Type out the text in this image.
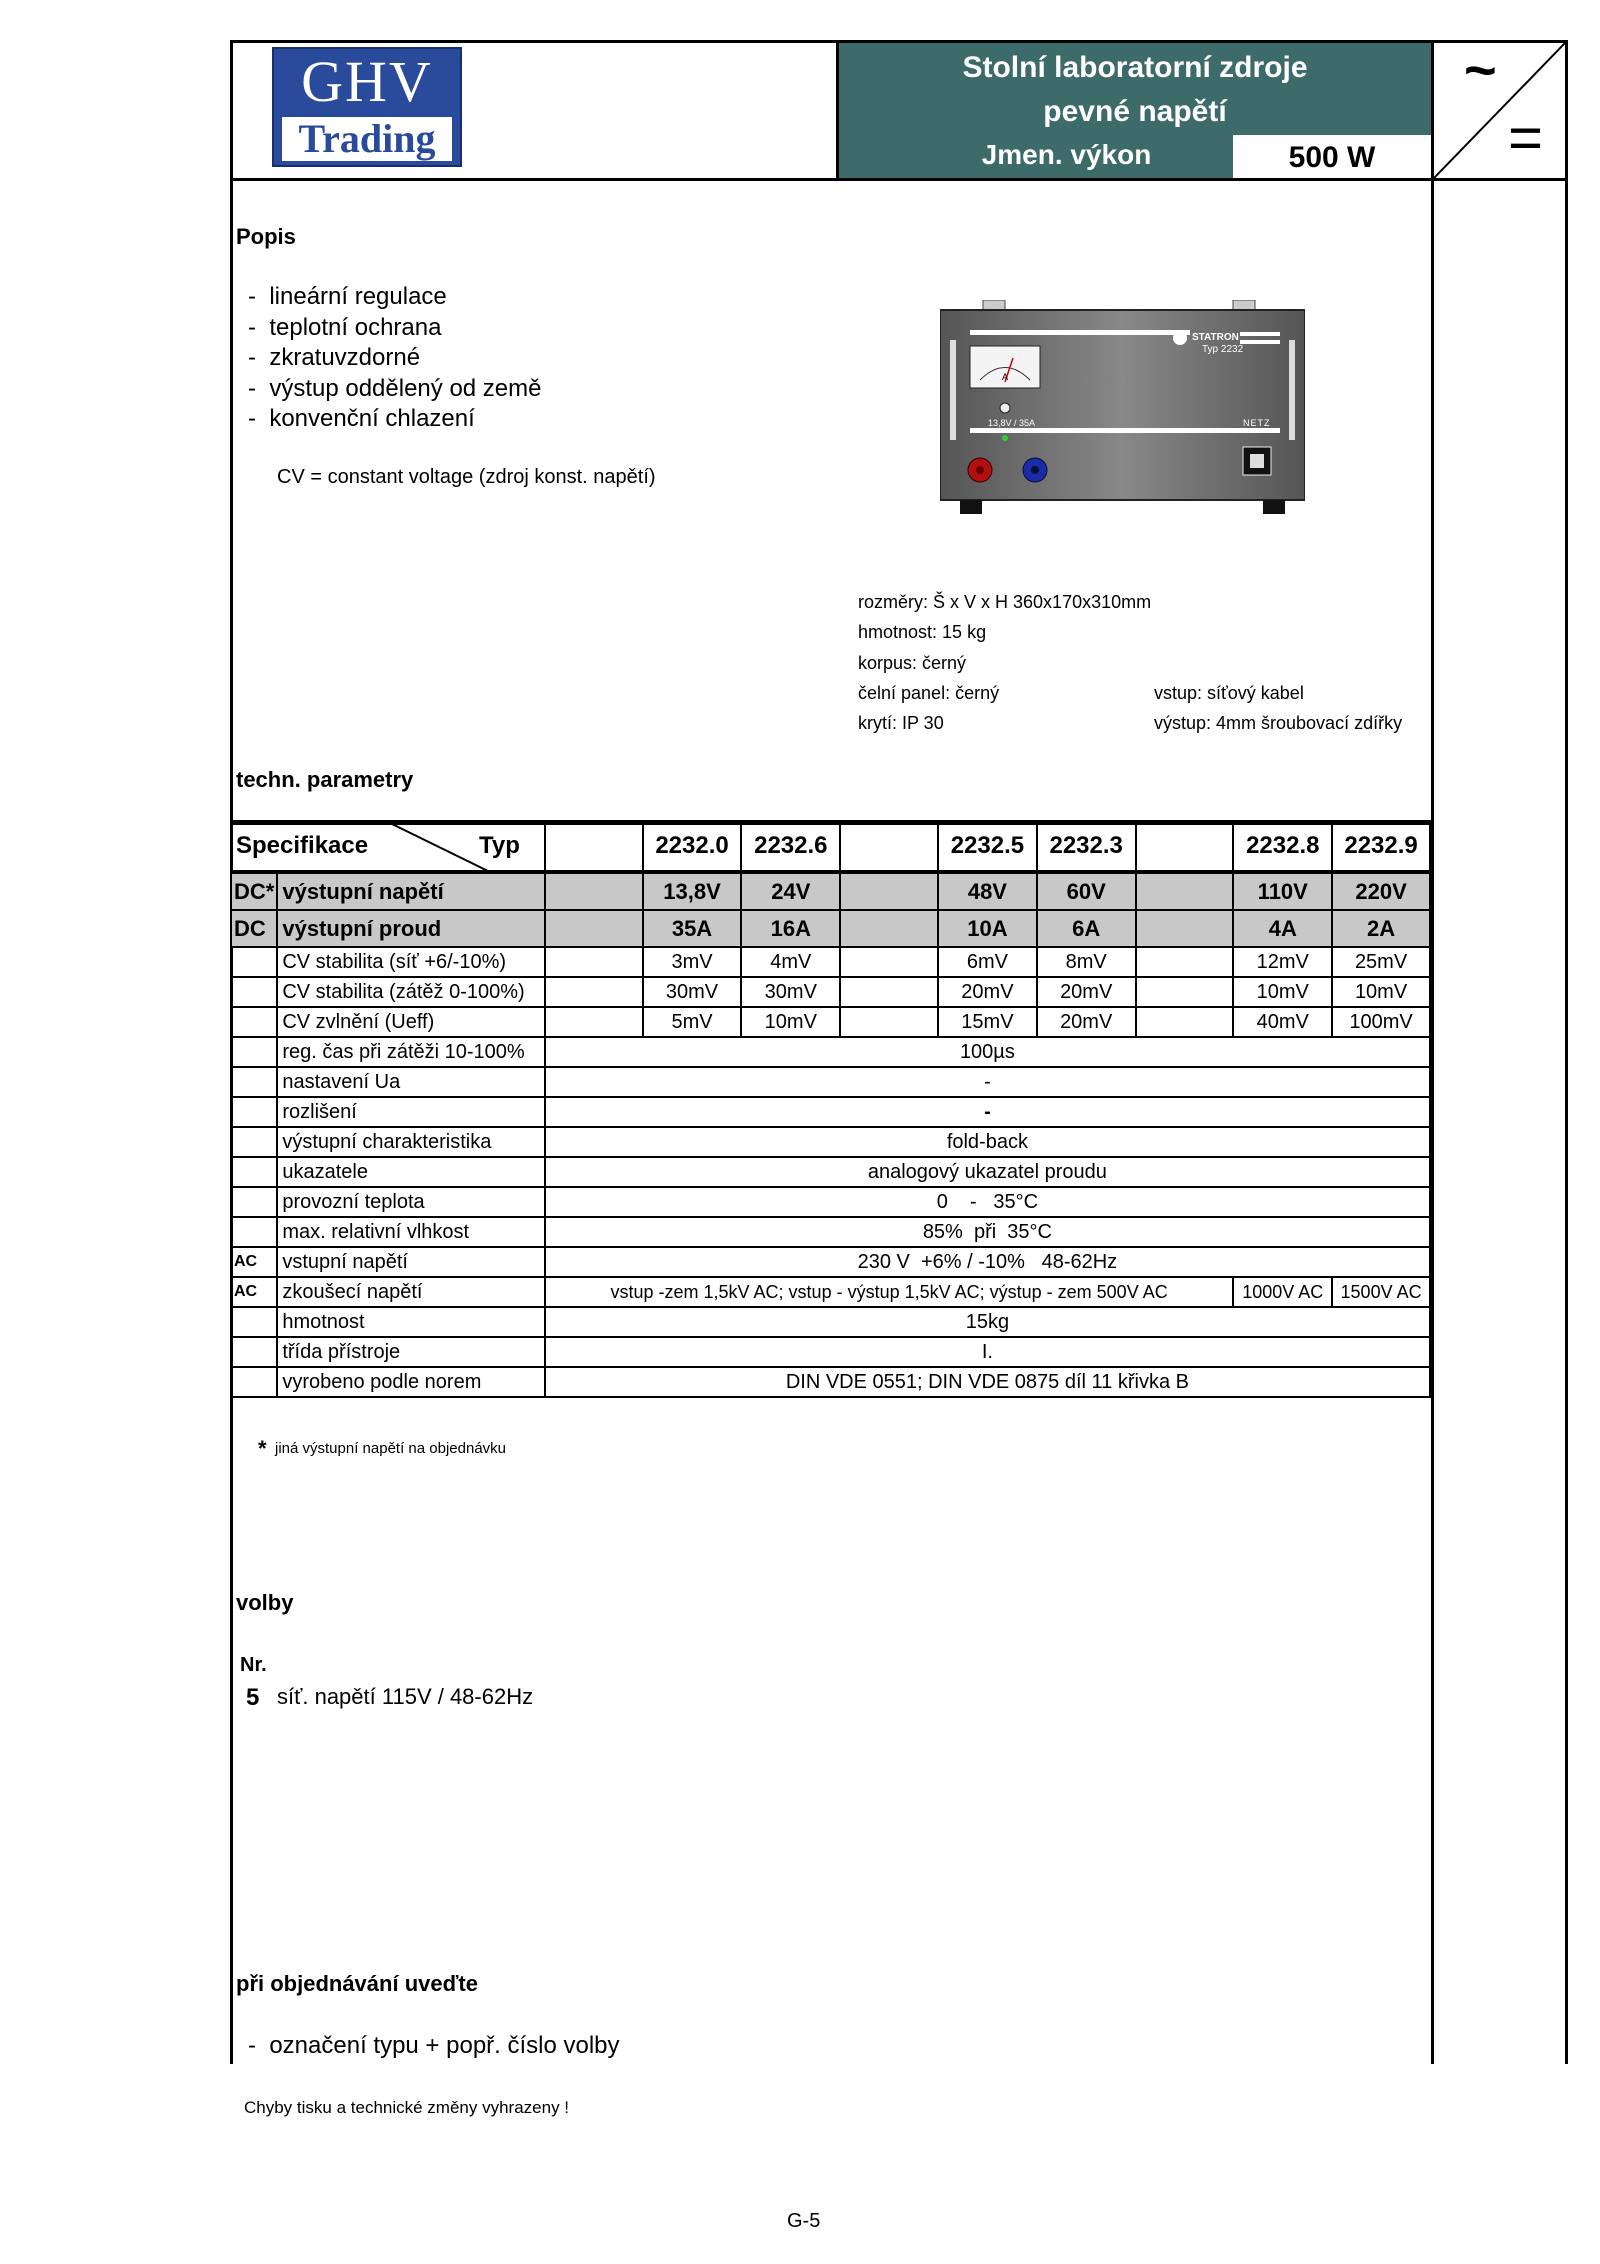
GHV
Trading
Stolní laboratorní zdroje
pevné napětí
Jmen. výkon	500 W
~
=
Popis
-  lineární regulace
-  teplotní ochrana
-  zkratuvzdorné
-  výstup oddělený od země
-  konvenční chlazení
CV = constant voltage (zdroj konst. napětí)
STATRON
Typ 2232
A
13,8V / 35A	NETZ
rozměry: Š x V x H 360x170x310mm
hmotnost: 15 kg
korpus: černý
čelní panel: černý
krytí: IP 30
vstup: síťový kabel
výstup: 4mm šroubovací zdířky
techn. parametry
Specifikace Typ			2232.0	2232.6		2232.5	2232.3		2232.8	2232.9
DC*	výstupní napětí		13,8V	24V		48V	60V		110V	220V
DC	výstupní proud		35A	16A		10A	6A		4A	2A
	CV stabilita (síť +6/-10%)		3mV	4mV		6mV	8mV		12mV	25mV
	CV stabilita (zátěž 0-100%)		30mV	30mV		20mV	20mV		10mV	10mV
	CV zvlnění (Ueff)		5mV	10mV		15mV	20mV		40mV	100mV
	reg. čas při zátěži 10-100%	100µs								
	nastavení Ua	-								
	rozlišení	-								
	výstupní charakteristika	fold-back								
	ukazatele	analogový ukazatel proudu								
	provozní teplota	0    -   35°C								
	max. relativní vlhkost	85%  při  35°C								
AC	vstupní napětí	230 V  +6% / -10%   48-62Hz								
AC	zkoušecí napětí	vstup -zem 1,5kV AC; vstup - výstup 1,5kV AC; výstup - zem 500V AC							1000V AC	1500V AC
	hmotnost	15kg								
	třída přístroje	I.								
	vyrobeno podle norem	DIN VDE 0551; DIN VDE 0875 díl 11 křivka B								
* jiná výstupní napětí na objednávku
volby
Nr.
5 síť. napětí 115V / 48-62Hz
při objednávání uveďte
-  označení typu + popř. číslo volby
Chyby tisku a technické změny vyhrazeny !
G-5
